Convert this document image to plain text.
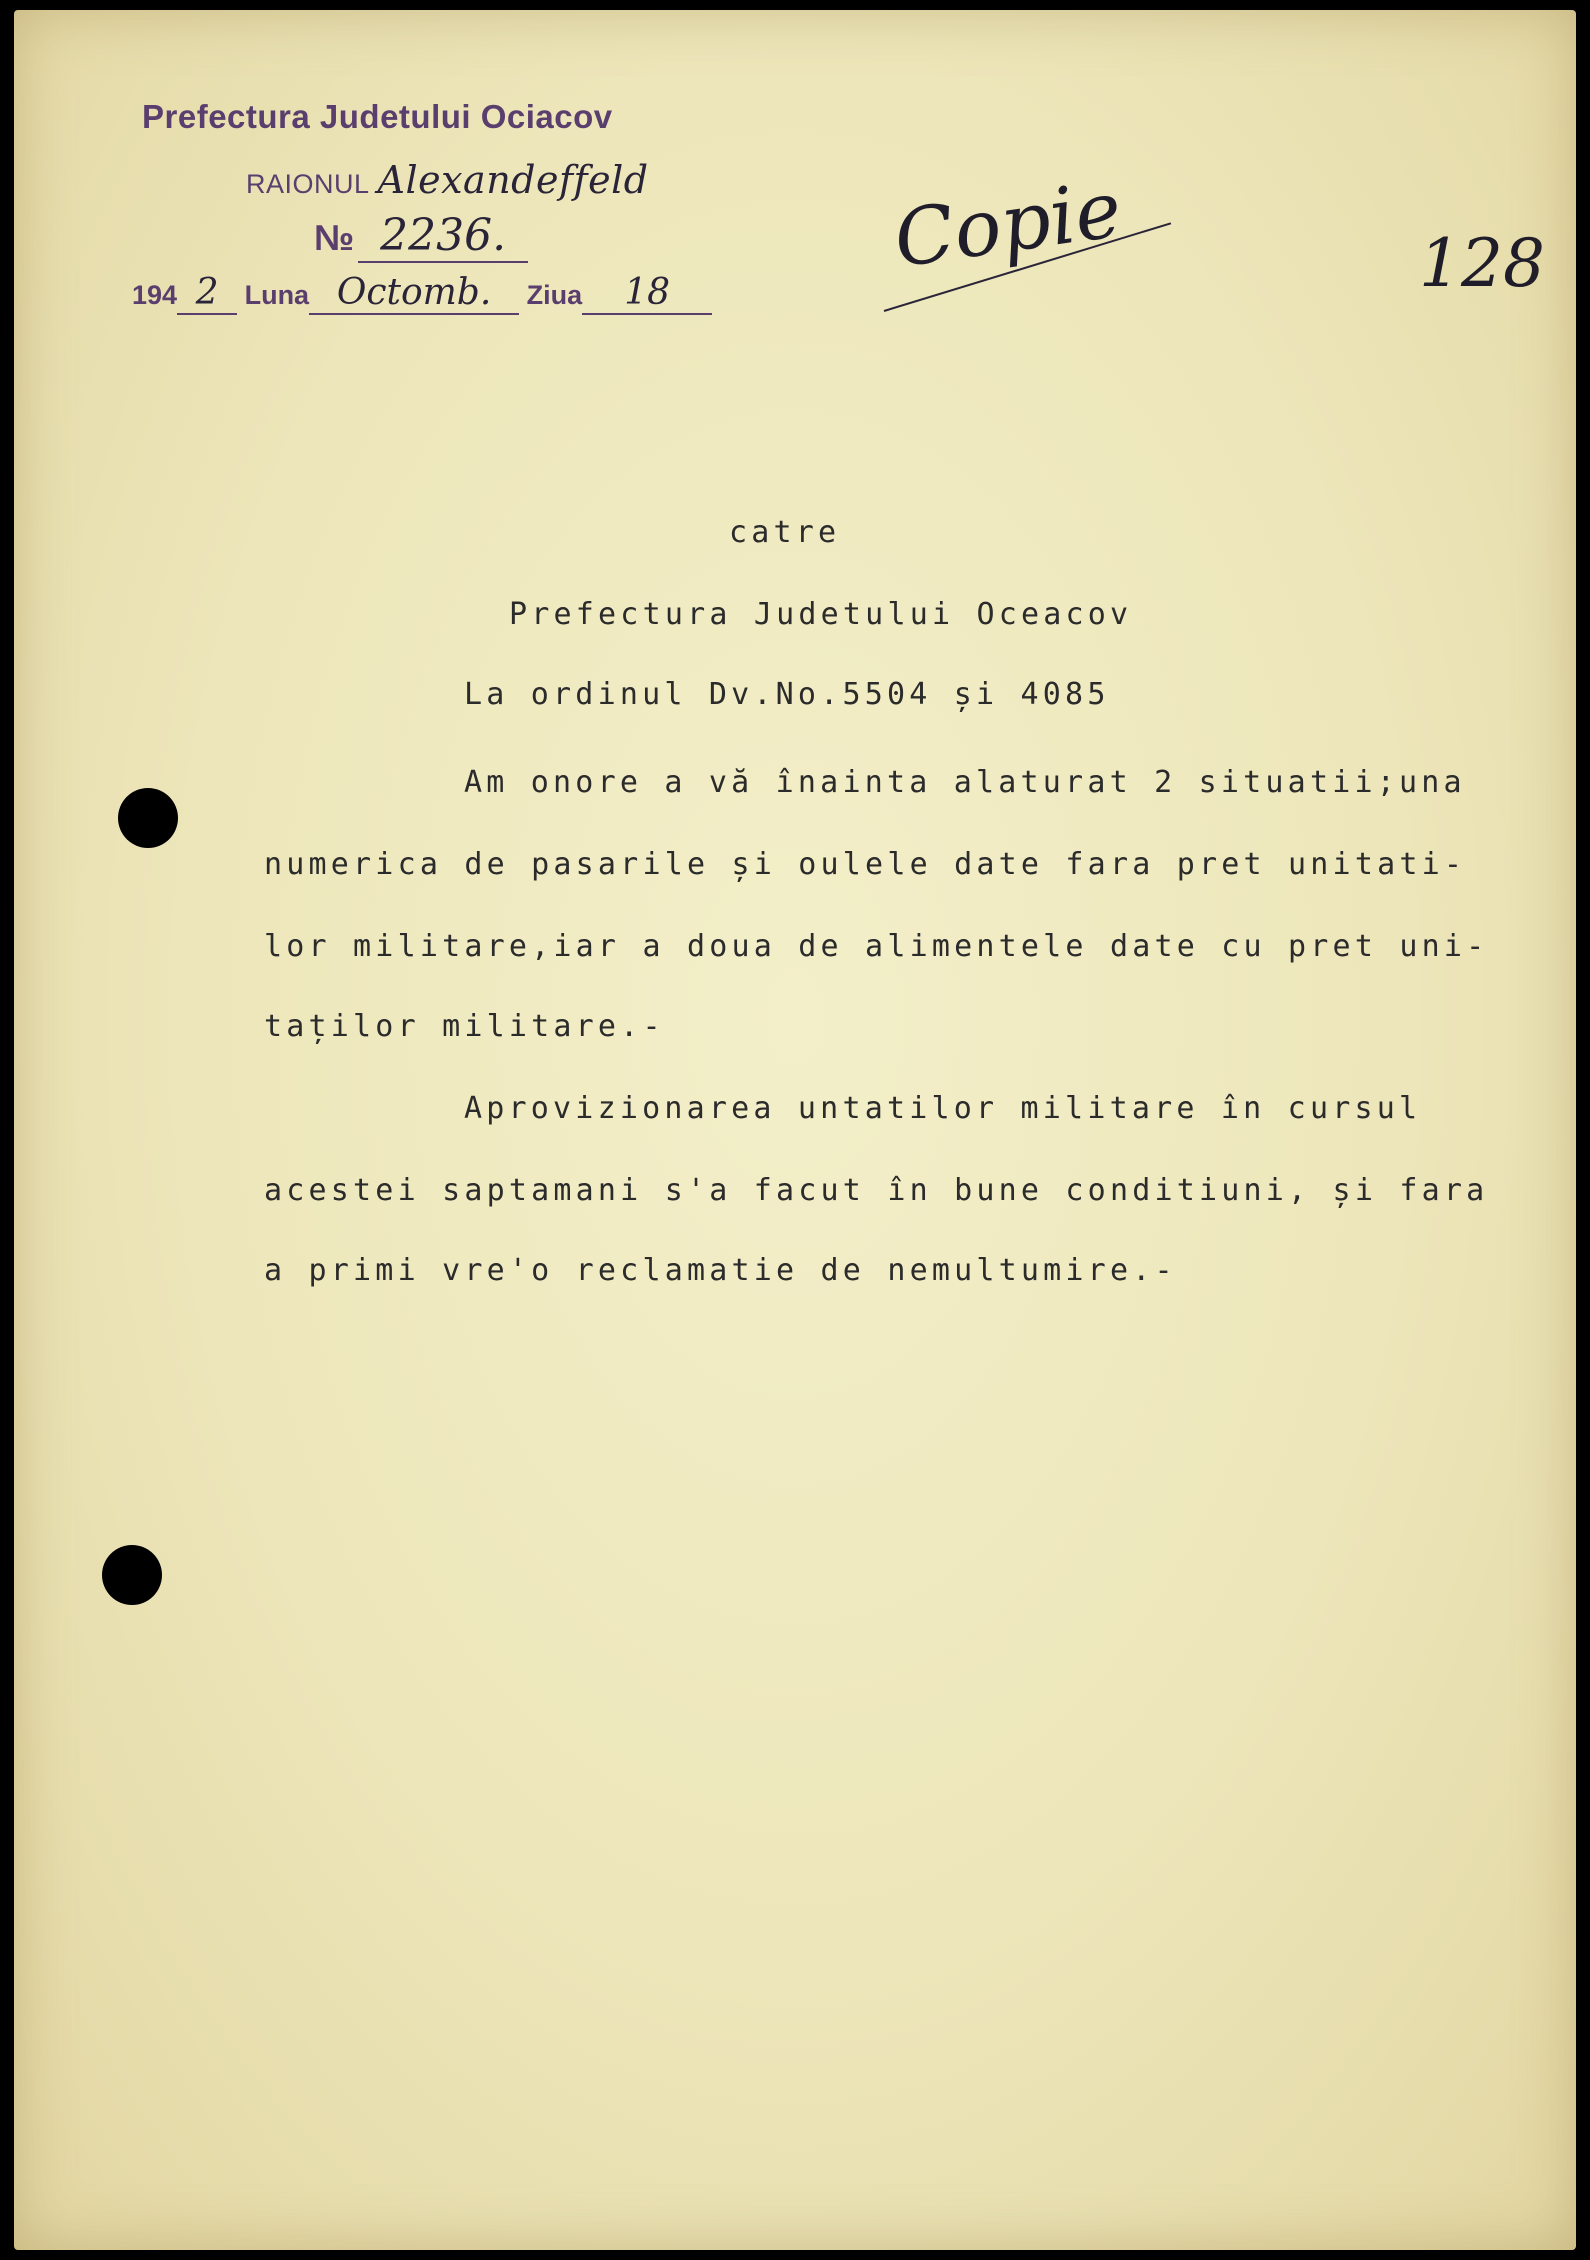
Prefectura Judetului Ociacov
RAIONUL Alexandeffeld
№ 2236.
194 2 Luna Octomb. Ziua 18
Copie	128
catre
Prefectura Judetului Oceacov
La ordinul Dv.No.5504 și 4085
Am onore a vă înainta alaturat 2 situatii;una
numerica de pasarile și oulele date fara pret unitati-
lor militare,iar a doua de alimentele date cu pret uni-
taților militare.-
Aprovizionarea untatilor militare în cursul
acestei saptamani s'a facut în bune conditiuni, și fara
a primi vre'o reclamatie de nemultumire.-
